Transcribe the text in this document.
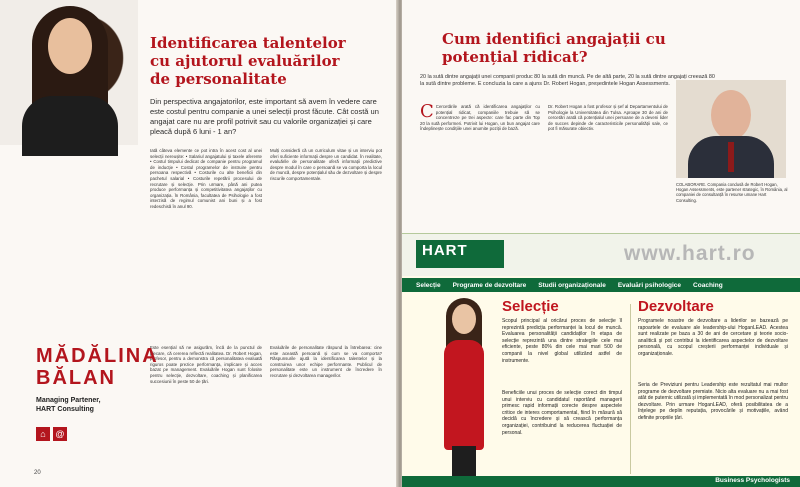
Identificarea talentelor cu ajutorul evaluărilor de personalitate
Din perspectiva angajatorilor, este important să avem în vedere care este costul pentru companie a unei selecții prost făcute. Cât costă un angajat care nu are profil potrivit sau cu valorile organizației și care pleacă după 6 luni - 1 an?

Iată câteva elemente ce pot intra în acest cost al unei selecții nereușite: • Salariul angajatului și taxele aferente • Costul timpului dedicat de companie pentru programul de inducție • Costul programelor de instruire pentru persoana respectivă • Costurile cu alte beneficii din pachetul salarial • Costurile repetării procesului de recrutare și selecție. Prin urmare, până ani putea produce performanța și competitivitatea angajaților cu organizația. În România, facultatea de Psihologie a fost interzisă de regimul comunist ani buni și a fost redeschisă în anul 90.

Mulți consideră că un curriculum vitae și un interviu pot oferi suficiente informații despre un candidat. În realitate, evaluările de personalitate oferă informații predictive despre modul în care o persoană se va comporta la locul de muncă, despre potențialul său de dezvoltare și despre riscurile comportamentale.

Este esențial să ne asigurăm, încă de la punctul de plecare, că cererea reflectă realitatea. Dr. Robert Hogan, profesor, pentru a demonstra că personalitatea evaluată riguros poate prezice performanța, implicare și acces bazat pe management. Evaluările Hogan sunt folosite pentru selecție, dezvoltare, coaching și planificarea succesiunii în peste 50 de țări.

Evaluările de personalitate răspund la întrebarea: cine este această persoană și cum se va comporta? Răspunsurile ajută la identificarea talentelor și la construirea unor echipe performante. Publicul de personalitate este un instrument de încredere în recrutare și dezvoltarea managerilor.

MĂDĂLINA
BĂLAN
Managing Partener,
HART Consulting
⌂ @
20
Cum identifici angajații cu potențial ridicat?
20 la sută dintre angajații unei companii produc 80 la sută din muncă. Pe de altă parte, 20 la sută dintre angajați creează 80 la sută dintre probleme. E concluzia la care a ajuns Dr. Robert Hogan, președintele Hogan Assessments.
C Cercetările arată că identificarea angajaților cu potențial ridicat, companiile trebuie să se concentreze pe trei aspecte: care fac parte din Top 20 la sută performeri. Potrivit lui Hogan, un bun angajat care îndeplinește condițiile unei anumite poziții de bază.

Dr. Robert Hogan a fost profesor și șef al Departamentului de Psihologie la Universitatea din Tulsa. Aproape 30 de ani de cercetări arată că potențialul unei persoane de a deveni lider de succes depinde de caracteristicile personalității sale, ce pot fi măsurate obiectiv.

COLABORARE. Compania condusă de Robert Hogan, Hogan Assessments, este partener strategic, în România, al companiei de consultanță în resurse umane Hart Consulting.
HART
Consulting · Business Psychologists
www.hart.ro
Selecție Programe de dezvoltare Studii organizaționale Evaluări psihologice Coaching
Selecție
Scopul principal al oricărui proces de selecție îl reprezintă predicția performanței la locul de muncă. Evaluarea personalității candidaților în etapa de selecție reprezintă una dintre strategiile cele mai eficiente, peste 80% din cele mai mari 500 de companii la nivel global utilizând astfel de instrumente.
Beneficiile unui proces de selecție corect din timpul unui interviu cu candidatul raportând managerii primesc rapid informații corecte despre aspectele critice de interes comportamental, fiind în măsură să decidă cu încredere și să crească performanța organizației, contribuind la reducerea fluctuației de personal.
Dezvoltare
Programele noastre de dezvoltare a liderilor se bazează pe rapoartele de evaluare ale leadership-ului HoganLEAD. Acestea sunt realizate pe baza a 30 de ani de cercetare și teorie socio-analitică și pot contribui la identificarea aspectelor de dezvoltare personală, cu scopul creșterii performanței individuale și organizaționale.
Seria de Previziuni pentru Leadership este rezultatul mai multor programe de dezvoltare premiate. Nicio alta evaluare nu a mai fost atât de puternic utilizată și implementată în mod personalizat pentru dezvoltare. Prin urmare HoganLEAD, oferă posibilitatea de a înțelege pe deplin reputația, provocările și motivațiile, având definite propriile țări.
Business Psychologists
